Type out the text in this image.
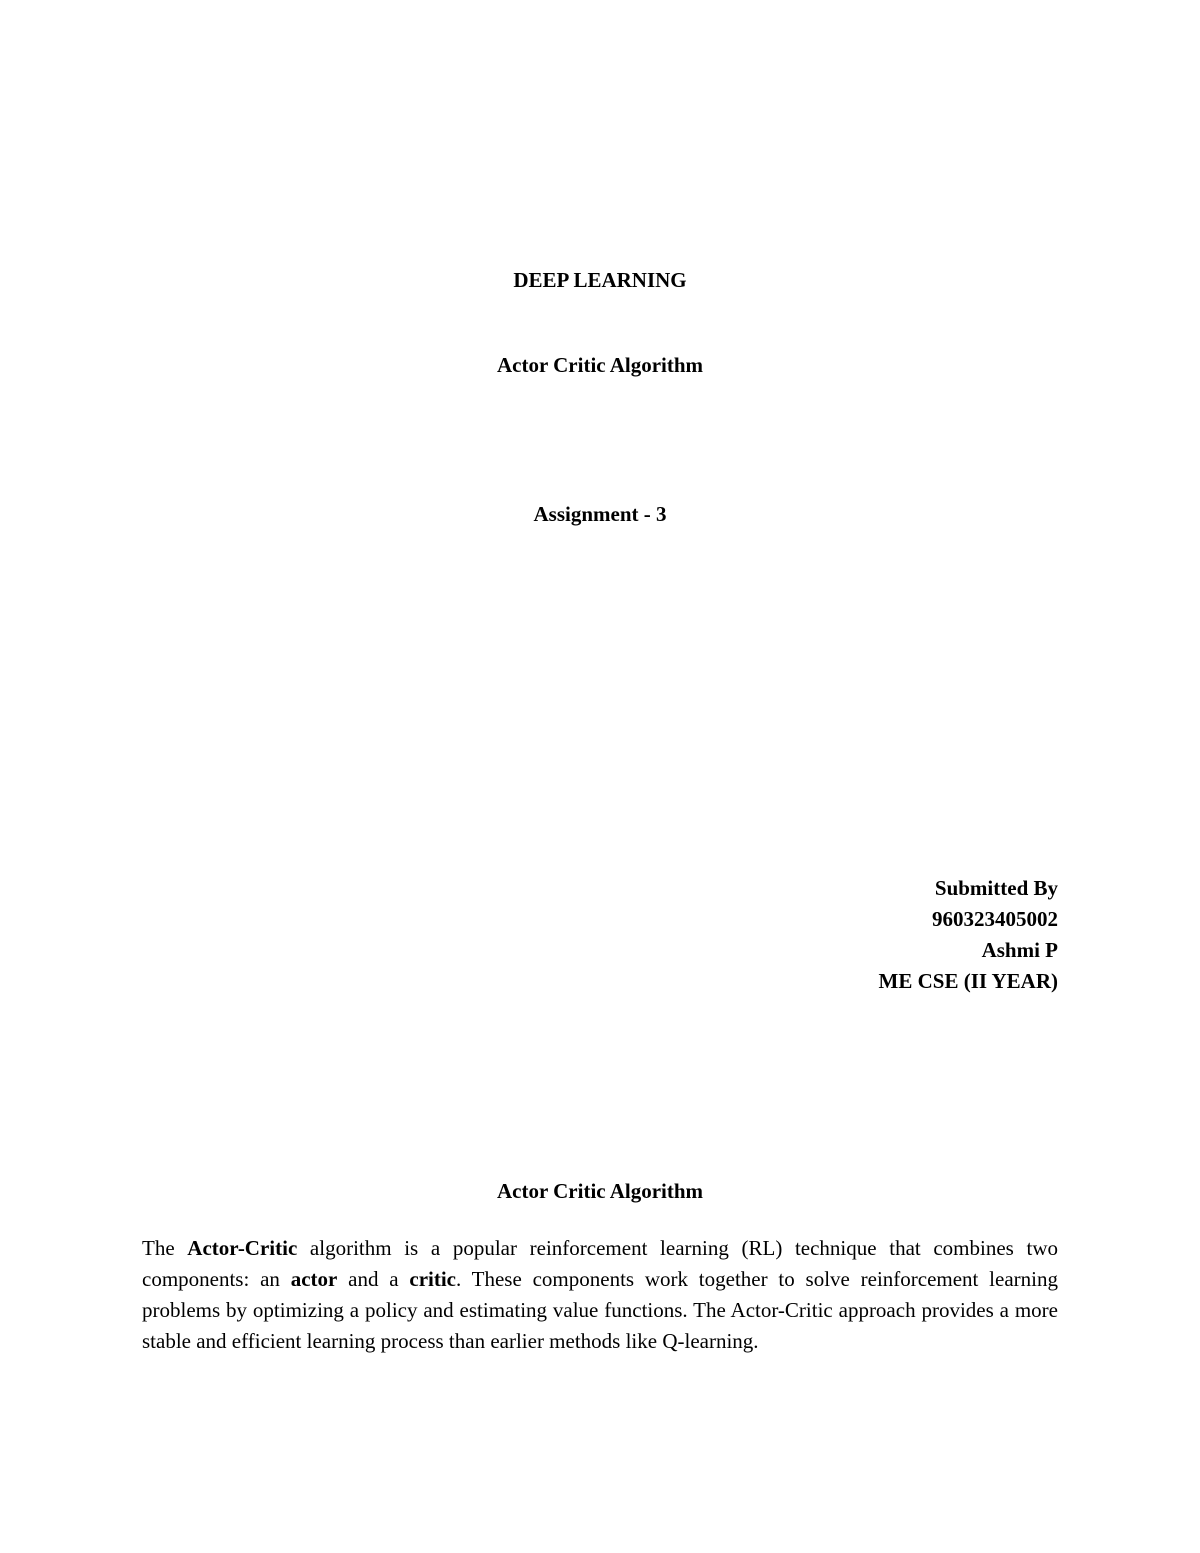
DEEP LEARNING
Actor Critic Algorithm
Assignment - 3
Submitted By
960323405002
Ashmi P
ME CSE (II YEAR)
Actor Critic Algorithm

The Actor-Critic algorithm is a popular reinforcement learning (RL) technique that combines two components: an actor and a critic. These components work together to solve reinforcement learning problems by optimizing a policy and estimating value functions. The Actor-Critic approach provides a more stable and efficient learning process than earlier methods like Q-learning.
